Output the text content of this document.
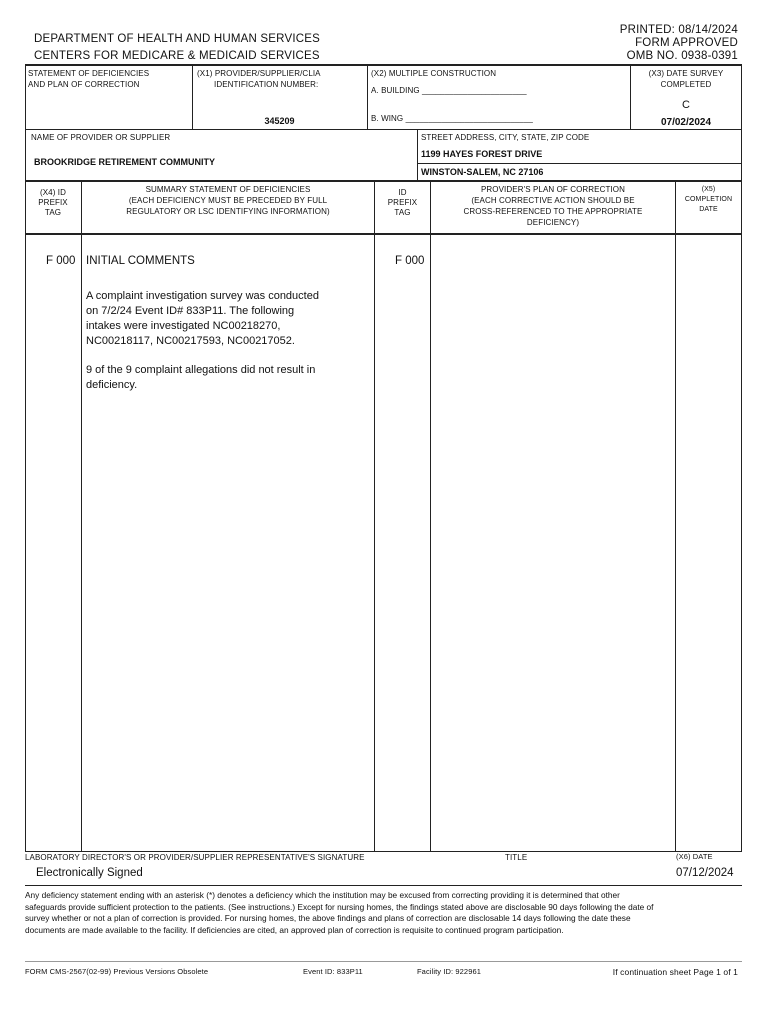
PRINTED: 08/14/2024
FORM APPROVED
OMB NO. 0938-0391
DEPARTMENT OF HEALTH AND HUMAN SERVICES
CENTERS FOR MEDICARE & MEDICAID SERVICES
STATEMENT OF DEFICIENCIES
AND PLAN OF CORRECTION
(X1) PROVIDER/SUPPLIER/CLIA
IDENTIFICATION NUMBER:
345209
(X2) MULTIPLE CONSTRUCTION
A. BUILDING _______________________
B. WING ____________________________
(X3) DATE SURVEY
COMPLETED
C
07/02/2024
NAME OF PROVIDER OR SUPPLIER
BROOKRIDGE RETIREMENT COMMUNITY
STREET ADDRESS, CITY, STATE, ZIP CODE
1199 HAYES FOREST DRIVE
WINSTON-SALEM, NC 27106
(X4) ID
PREFIX
TAG
SUMMARY STATEMENT OF DEFICIENCIES
(EACH DEFICIENCY MUST BE PRECEDED BY FULL
REGULATORY OR LSC IDENTIFYING INFORMATION)
ID
PREFIX
TAG
PROVIDER'S PLAN OF CORRECTION
(EACH CORRECTIVE ACTION SHOULD BE
CROSS-REFERENCED TO THE APPROPRIATE
DEFICIENCY)
(X5)
COMPLETION
DATE
F 000 INITIAL COMMENTS	F 000
A complaint investigation survey was conducted
on 7/2/24 Event ID# 833P11. The following
intakes were investigated NC00218270,
NC00218117, NC00217593, NC00217052.
9 of the 9 complaint allegations did not result in
deficiency.
LABORATORY DIRECTOR'S OR PROVIDER/SUPPLIER REPRESENTATIVE'S SIGNATURE	TITLE	(X6) DATE
Electronically Signed	07/12/2024
Any deficiency statement ending with an asterisk (*) denotes a deficiency which the institution may be excused from correcting providing it is determined that other safeguards provide sufficient protection to the patients. (See instructions.) Except for nursing homes, the findings stated above are disclosable 90 days following the date of survey whether or not a plan of correction is provided. For nursing homes, the above findings and plans of correction are disclosable 14 days following the date these documents are made available to the facility. If deficiencies are cited, an approved plan of correction is requisite to continued program participation.
FORM CMS-2567(02-99) Previous Versions Obsolete	Event ID: 833P11	Facility ID: 922961	If continuation sheet Page 1 of 1
